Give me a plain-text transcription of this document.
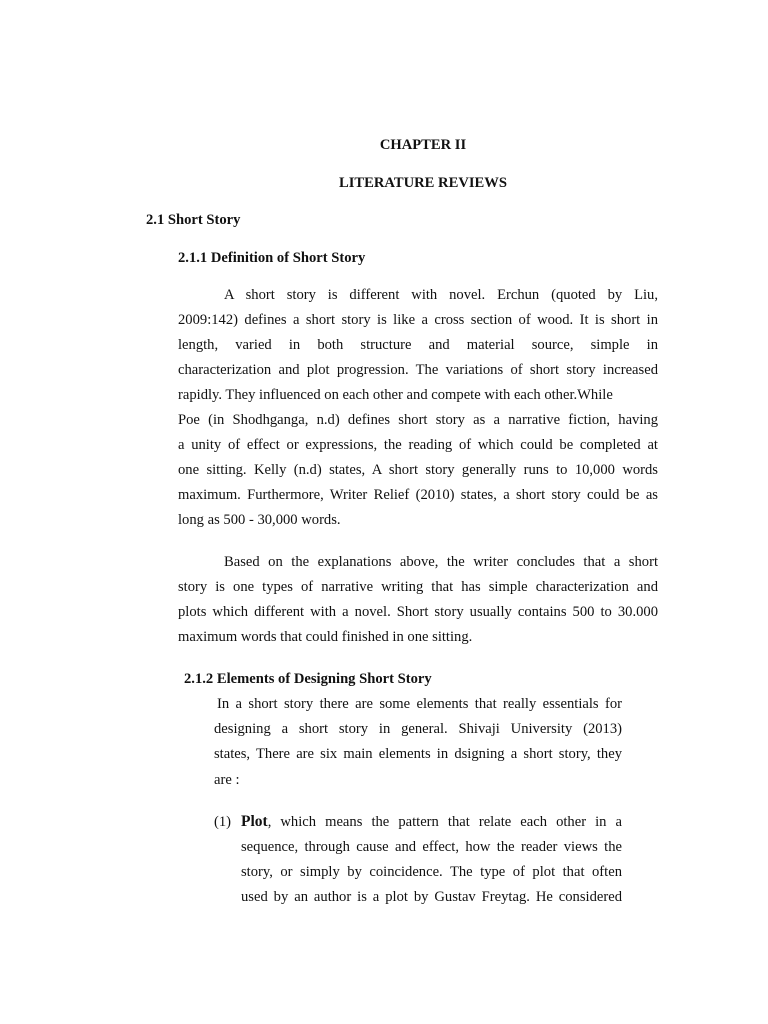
CHAPTER II

LITERATURE REVIEWS

2.1 Short Story

2.1.1 Definition of Short Story

A short story is different with novel. Erchun (quoted by Liu,

2009:142) defines a short story is like a cross section of wood. It is short in

length, varied in both structure and material source, simple in

characterization and plot progression. The variations of short story increased

rapidly. They influenced on each other and compete with each other.While

Poe (in Shodhganga, n.d) defines short story as a narrative fiction, having

a unity of effect or expressions, the reading of which could be completed at

one sitting. Kelly (n.d) states, A short story generally runs to 10,000 words

maximum. Furthermore, Writer Relief (2010) states, a short story could be as

long as 500 - 30,000 words.

Based on the explanations above, the writer concludes that a short

story is one types of narrative writing that has simple characterization and

plots which different with a novel. Short story usually contains 500 to 30.000

maximum words that could finished in one sitting.

2.1.2 Elements of Designing Short Story

In a short story there are some elements that really essentials for

designing a short story in general. Shivaji University (2013)

states, There are six main elements in dsigning a short story, they

are :

(1) Plot , which means the pattern that relate each other in a

sequence, through cause and effect, how the reader views the

story, or simply by coincidence. The type of plot that often

used by an author is a plot by Gustav Freytag. He considered
